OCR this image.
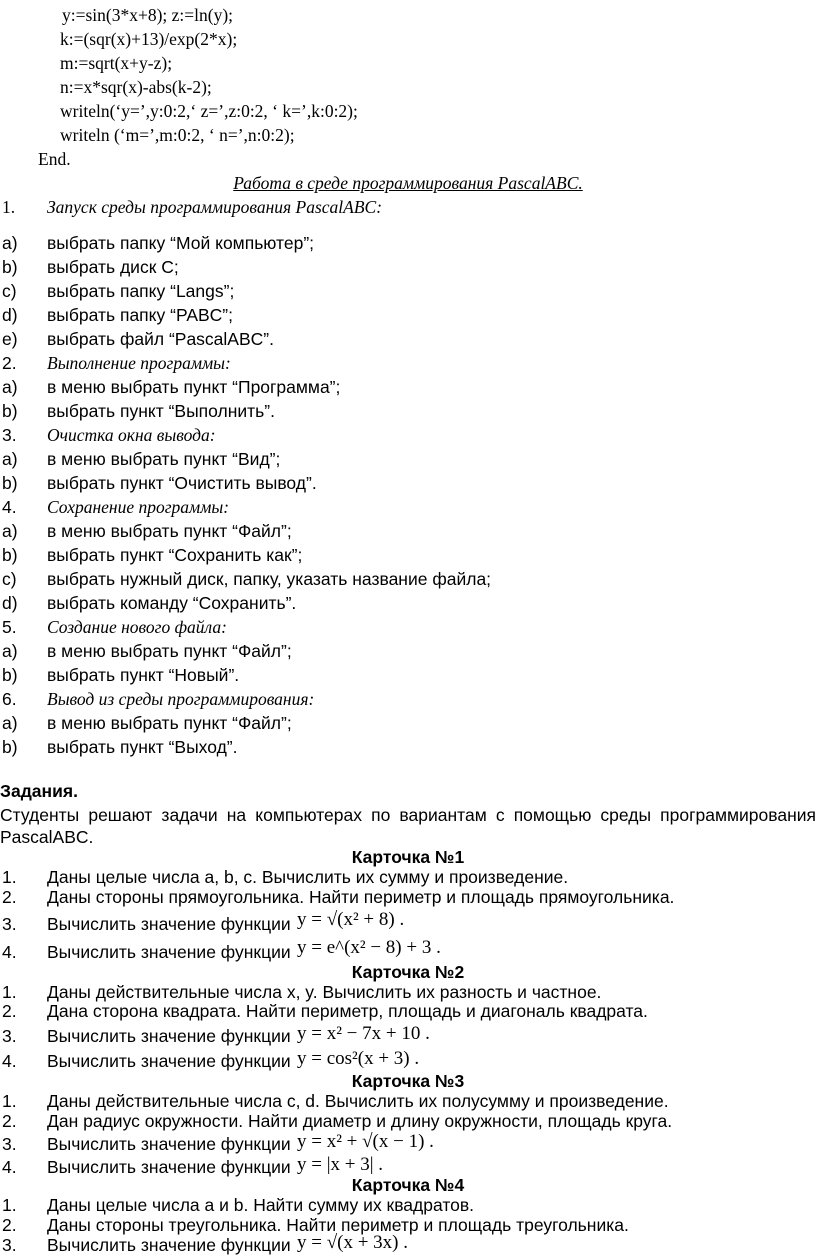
y:=sin(3*x+8); z:=ln(y);
k:=(sqr(x)+13)/exp(2*x);
m:=sqrt(x+y-z);
n:=x*sqr(x)-abs(k-2);
writeln(‘y=’,y:0:2,‘ z=’,z:0:2, ‘ k=’,k:0:2);
writeln (‘m=’,m:0:2, ‘ n=’,n:0:2);
End.
Работа в среде программирования PascalABC.
1. Запуск среды программирования PascalABC:
a) выбрать папку “Мой компьютер”;
b) выбрать диск С;
c) выбрать папку “Langs”;
d) выбрать папку “PABC”;
e) выбрать файл “PascalABC”.
2. Выполнение программы:
a) в меню выбрать пункт “Программа”;
b) выбрать пункт “Выполнить”.
3. Очистка окна вывода:
a) в меню выбрать пункт “Вид”;
b) выбрать пункт “Очистить вывод”.
4. Сохранение программы:
a) в меню выбрать пункт “Файл”;
b) выбрать пункт “Сохранить как”;
c) выбрать нужный диск, папку, указать название файла;
d) выбрать команду “Сохранить”.
5. Создание нового файла:
a) в меню выбрать пункт “Файл”;
b) выбрать пункт “Новый”.
6. Вывод из среды программирования:
a) в меню выбрать пункт “Файл”;
b) выбрать пункт “Выход”.
Задания.
Студенты решают задачи на компьютерах по вариантам с помощью среды программирования
PascalABC.
Карточка №1
1. Даны целые числа a, b, c. Вычислить их сумму и произведение.
2. Даны стороны прямоугольника. Найти периметр и площадь прямоугольника.
3. Вычислить значение функции y = √(x² + 8) .
4. Вычислить значение функции y = e^(x² − 8) + 3 .
Карточка №2
1. Даны действительные числа x, y. Вычислить их разность и частное.
2. Дана сторона квадрата. Найти периметр, площадь и диагональ квадрата.
3. Вычислить значение функции y = x² − 7x + 10 .
4. Вычислить значение функции y = cos²(x + 3) .
Карточка №3
1. Даны действительные числа c, d. Вычислить их полусумму и произведение.
2. Дан радиус окружности. Найти диаметр и длину окружности, площадь круга.
3. Вычислить значение функции y = x² + √(x − 1) .
4. Вычислить значение функции y = |x + 3| .
Карточка №4
1. Даны целые числа a и b. Найти сумму их квадратов.
2. Даны стороны треугольника. Найти периметр и площадь треугольника.
3. Вычислить значение функции y = √(x + 3x) .
